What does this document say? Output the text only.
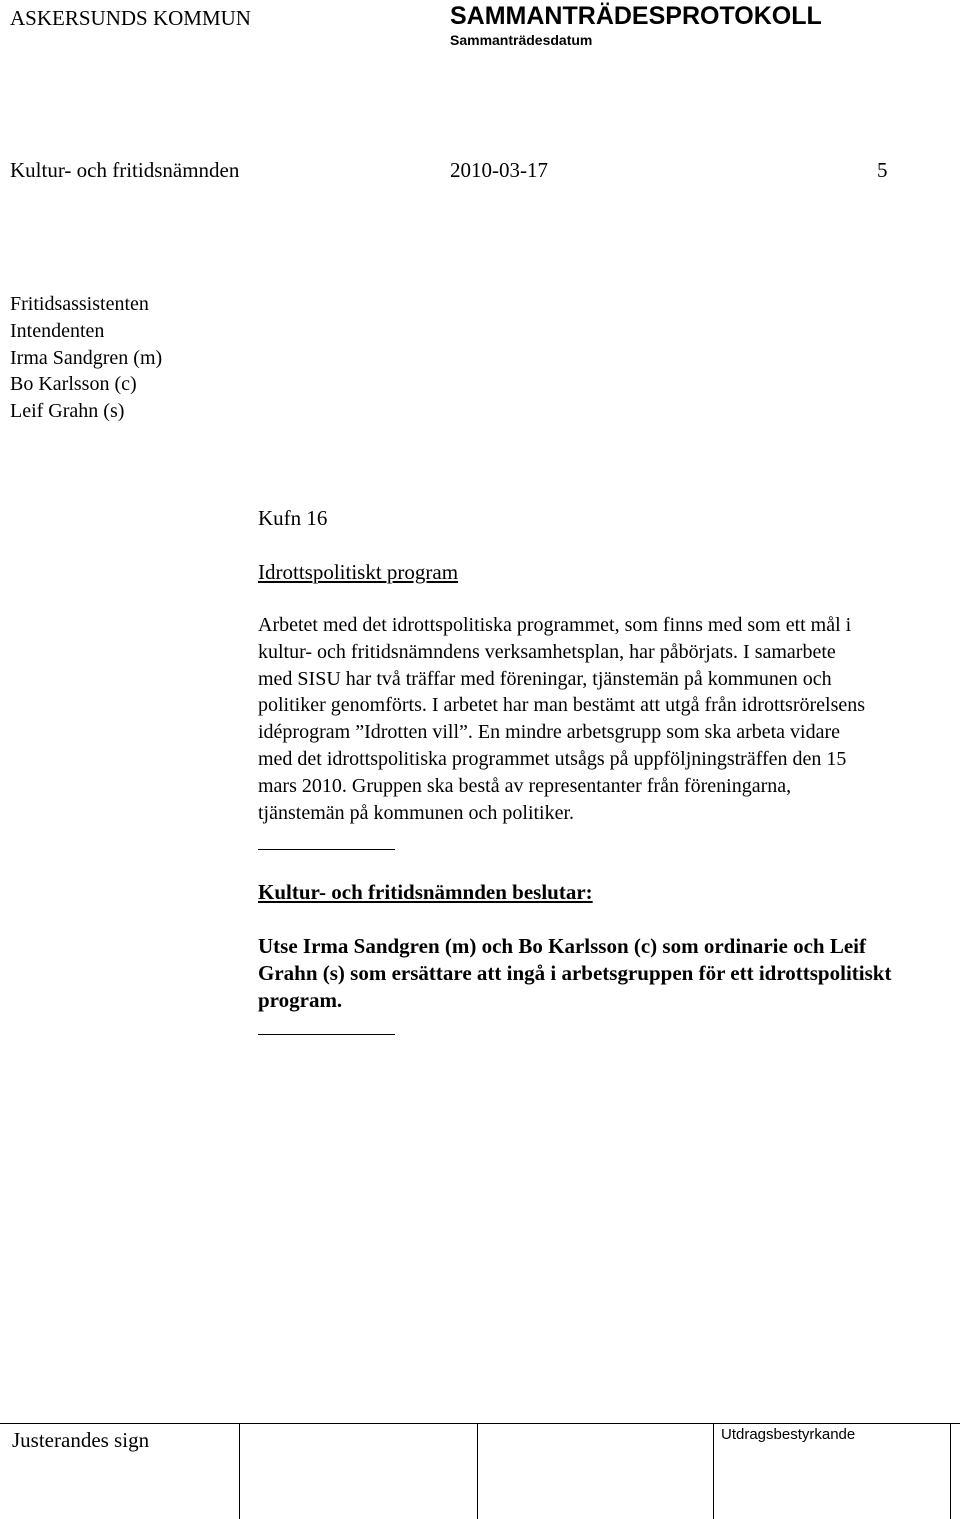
ASKERSUNDS KOMMUN	SAMMANTRÄDESPROTOKOLL
Sammanträdesdatum
Kultur- och fritidsnämnden	2010-03-17	5
Fritidsassistenten
Intendenten
Irma Sandgren (m)
Bo Karlsson (c)
Leif Grahn (s)
Kufn 16
Idrottspolitiskt program
Arbetet med det idrottspolitiska programmet, som finns med som ett mål i
kultur- och fritidsnämndens verksamhetsplan, har påbörjats. I samarbete
med SISU har två träffar med föreningar, tjänstemän på kommunen och
politiker genomförts. I arbetet har man bestämt att utgå från idrottsrörelsens
idéprogram ”Idrotten vill”. En mindre arbetsgrupp som ska arbeta vidare
med det idrottspolitiska programmet utsågs på uppföljningsträffen den 15
mars 2010. Gruppen ska bestå av representanter från föreningarna,
tjänstemän på kommunen och politiker.
Kultur- och fritidsnämnden beslutar:
Utse Irma Sandgren (m) och Bo Karlsson (c) som ordinarie och Leif
Grahn (s) som ersättare att ingå i arbetsgruppen för ett idrottspolitiskt
program.
Justerandes sign	Utdragsbestyrkande
